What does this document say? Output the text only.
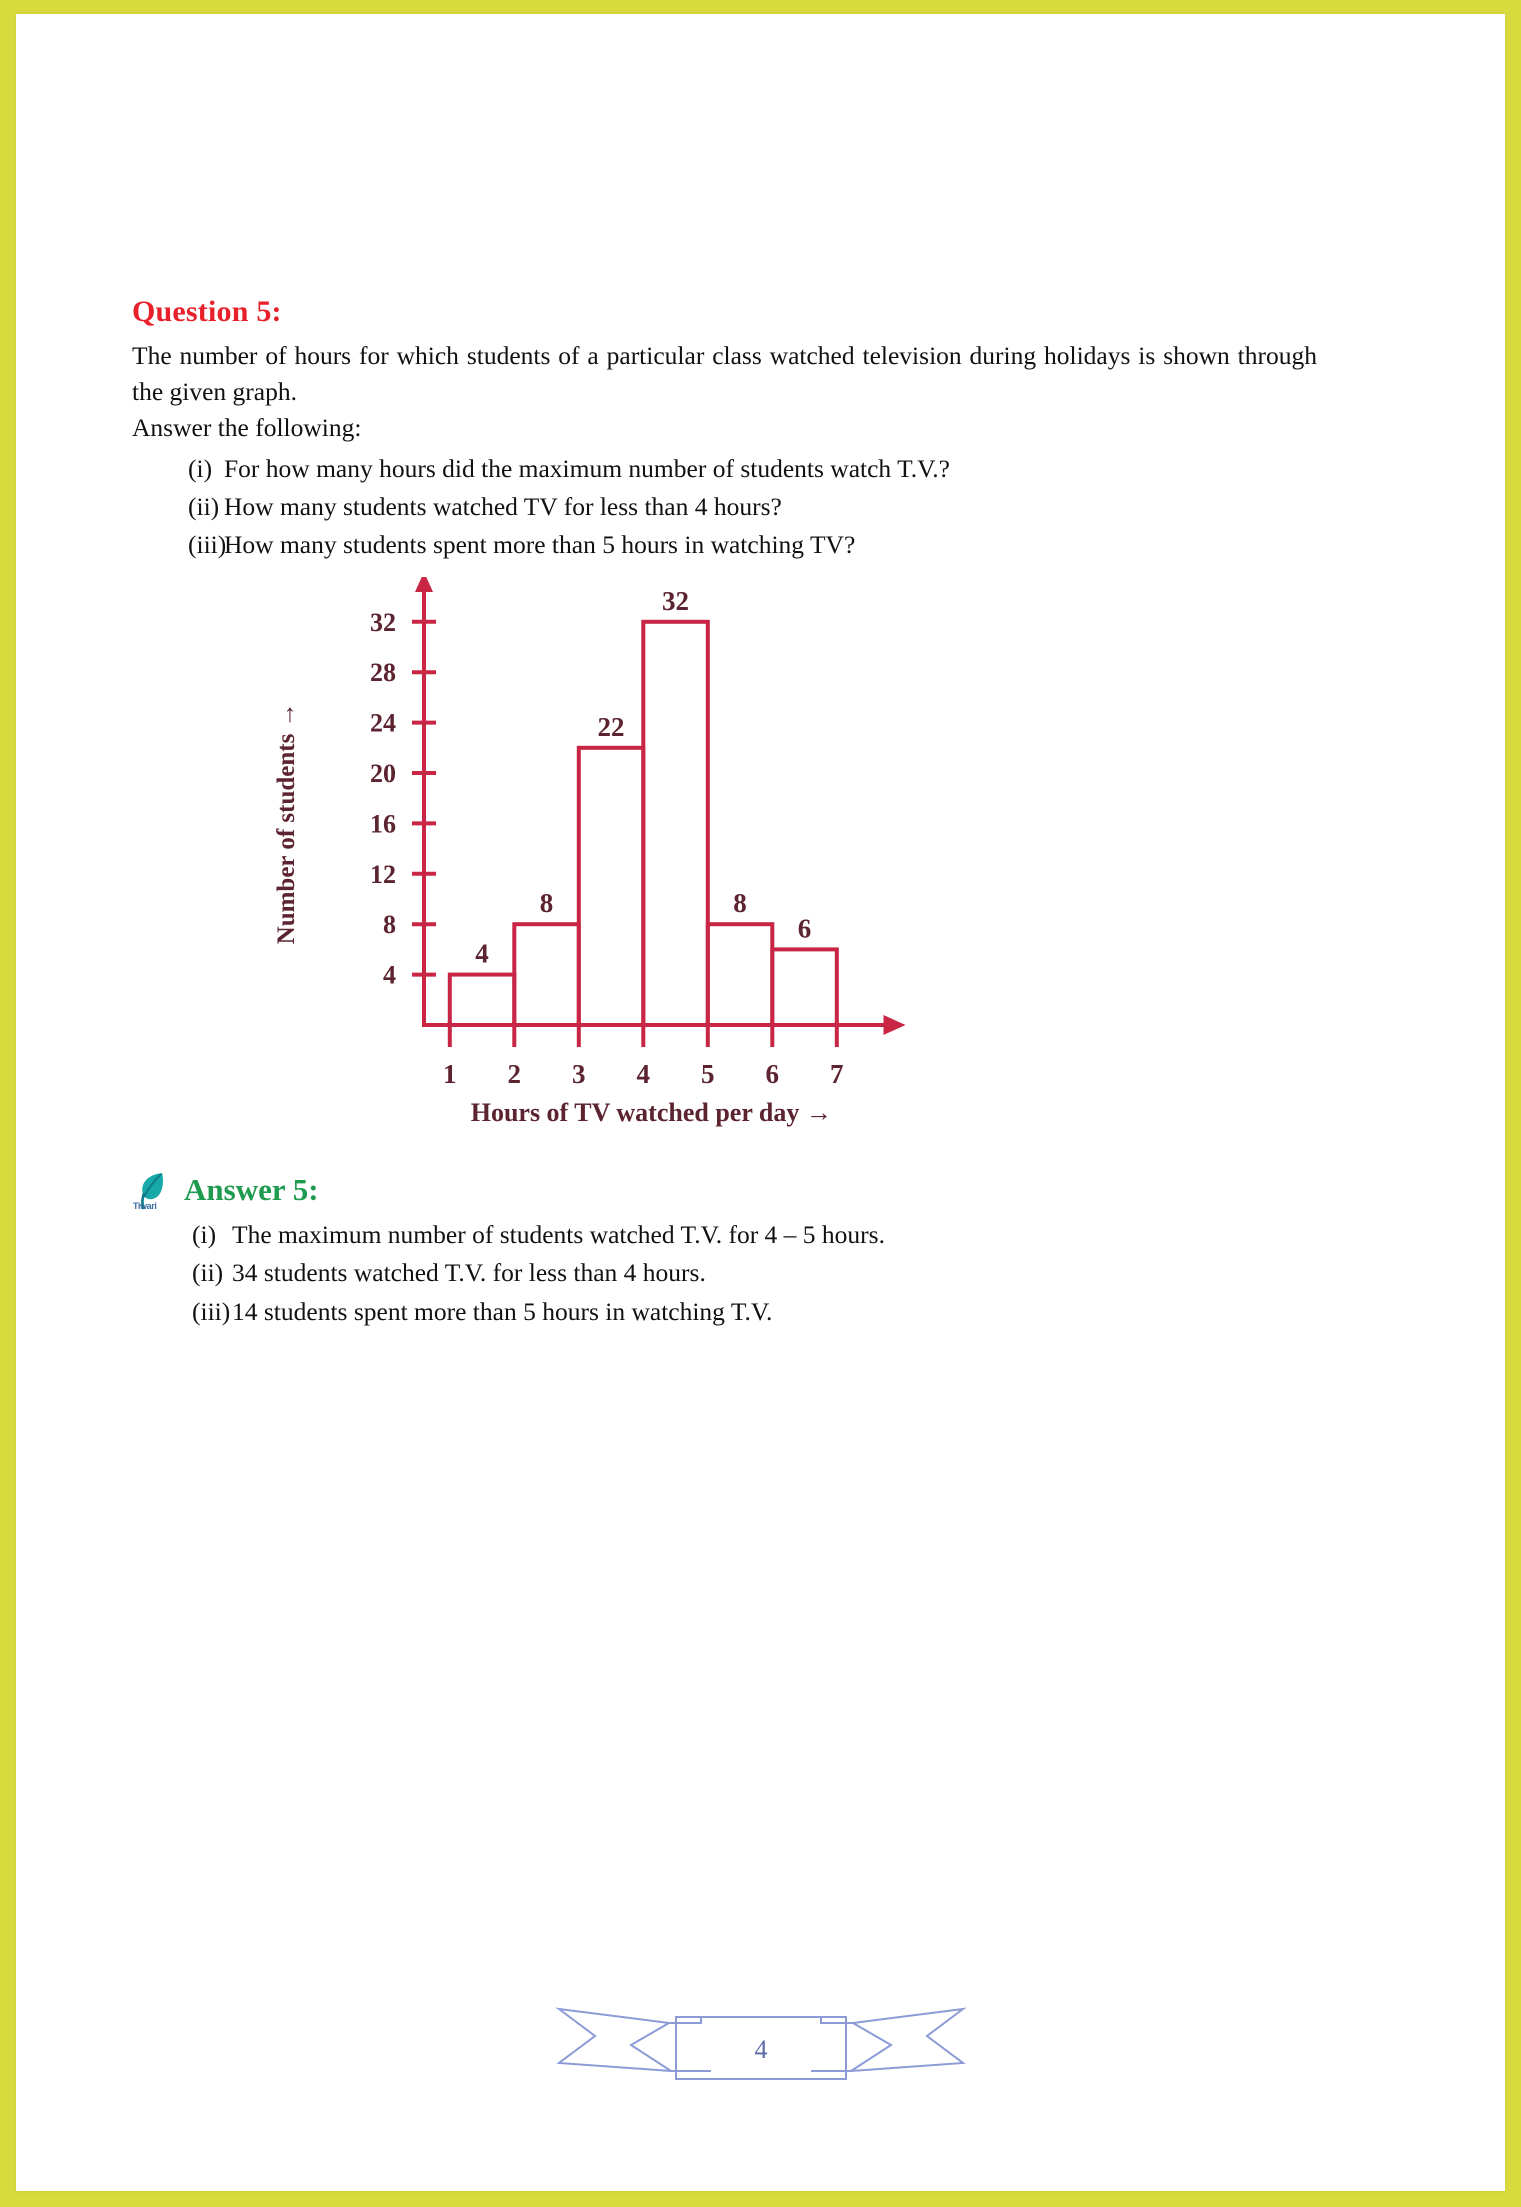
Question 5:

The number of hours for which students of a particular class watched television during holidays is shown through the given graph.

Answer the following:

(i) For how many hours did the maximum number of students watch T.V.?
(ii) How many students watched TV for less than 4 hours?
(iii)
How many students spent more than 5 hours in watching TV?
4
8
12
16
20
24
28
32
Number of students →
1 2 3 4 5 6 7
Hours of TV watched per day →
4
8
22
32
8
6
Tiwari Answer 5:
(i) The maximum number of students watched T.V. for 4 – 5 hours.
(ii) 34 students watched T.V. for less than 4 hours.
(iii) 14 students spent more than 5 hours in watching T.V.
4
